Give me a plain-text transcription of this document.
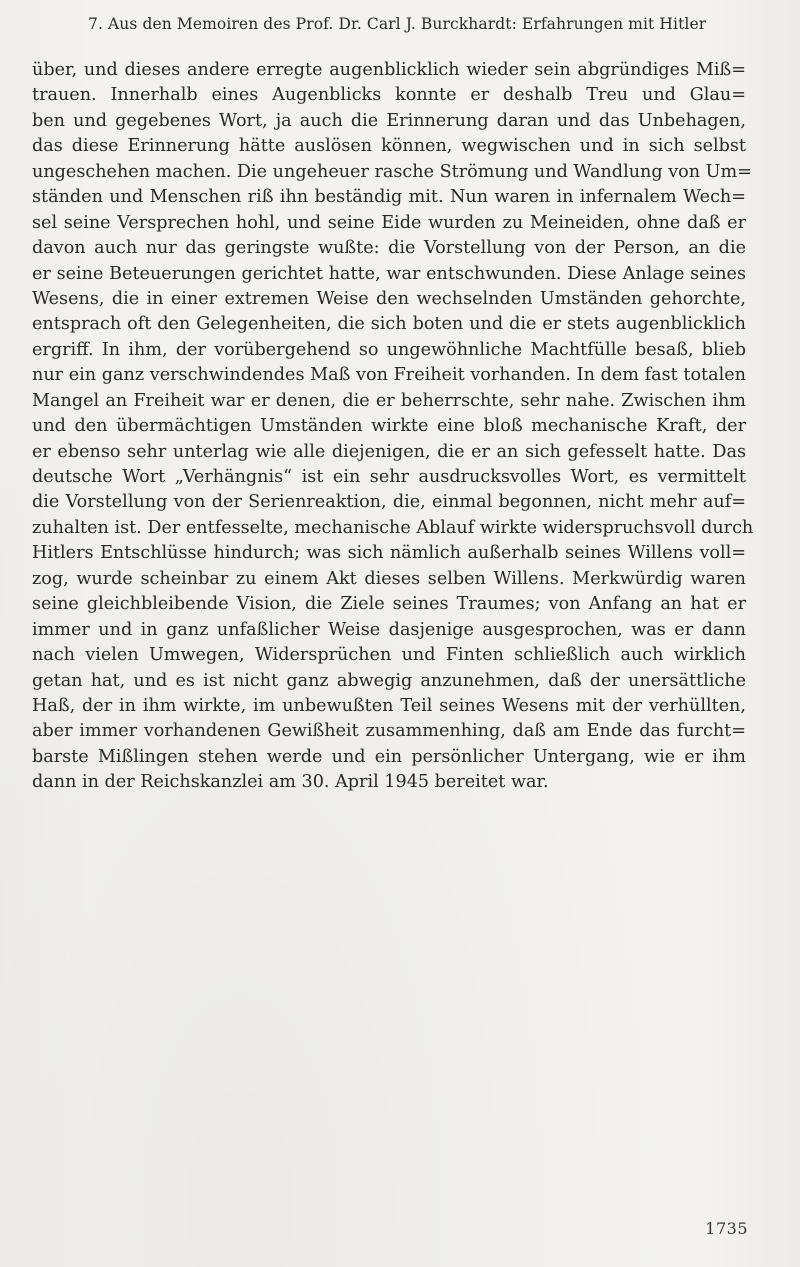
7. Aus den Memoiren des Prof. Dr. Carl J. Burckhardt: Erfahrungen mit Hitler
über, und dieses andere erregte augenblicklich wieder sein abgründiges Miß=
trauen. Innerhalb eines Augenblicks konnte er deshalb Treu und Glau=
ben und gegebenes Wort, ja auch die Erinnerung daran und das Unbehagen,
das diese Erinnerung hätte auslösen können, wegwischen und in sich selbst
ungeschehen machen. Die ungeheuer rasche Strömung und Wandlung von Um=
ständen und Menschen riß ihn beständig mit. Nun waren in infernalem Wech=
sel seine Versprechen hohl, und seine Eide wurden zu Meineiden, ohne daß er
davon auch nur das geringste wußte: die Vorstellung von der Person, an die
er seine Beteuerungen gerichtet hatte, war entschwunden. Diese Anlage seines
Wesens, die in einer extremen Weise den wechselnden Umständen gehorchte,
entsprach oft den Gelegenheiten, die sich boten und die er stets augenblicklich
ergriff. In ihm, der vorübergehend so ungewöhnliche Machtfülle besaß, blieb
nur ein ganz verschwindendes Maß von Freiheit vorhanden. In dem fast totalen
Mangel an Freiheit war er denen, die er beherrschte, sehr nahe. Zwischen ihm
und den übermächtigen Umständen wirkte eine bloß mechanische Kraft, der
er ebenso sehr unterlag wie alle diejenigen, die er an sich gefesselt hatte. Das
deutsche Wort „Verhängnis“ ist ein sehr ausdrucksvolles Wort, es vermittelt
die Vorstellung von der Serienreaktion, die, einmal begonnen, nicht mehr auf=
zuhalten ist. Der entfesselte, mechanische Ablauf wirkte widerspruchsvoll durch
Hitlers Entschlüsse hindurch; was sich nämlich außerhalb seines Willens voll=
zog, wurde scheinbar zu einem Akt dieses selben Willens. Merkwürdig waren
seine gleichbleibende Vision, die Ziele seines Traumes; von Anfang an hat er
immer und in ganz unfaßlicher Weise dasjenige ausgesprochen, was er dann
nach vielen Umwegen, Widersprüchen und Finten schließlich auch wirklich
getan hat, und es ist nicht ganz abwegig anzunehmen, daß der unersättliche
Haß, der in ihm wirkte, im unbewußten Teil seines Wesens mit der verhüllten,
aber immer vorhandenen Gewißheit zusammenhing, daß am Ende das furcht=
barste Mißlingen stehen werde und ein persönlicher Untergang, wie er ihm
dann in der Reichskanzlei am 30. April 1945 bereitet war.
1735
